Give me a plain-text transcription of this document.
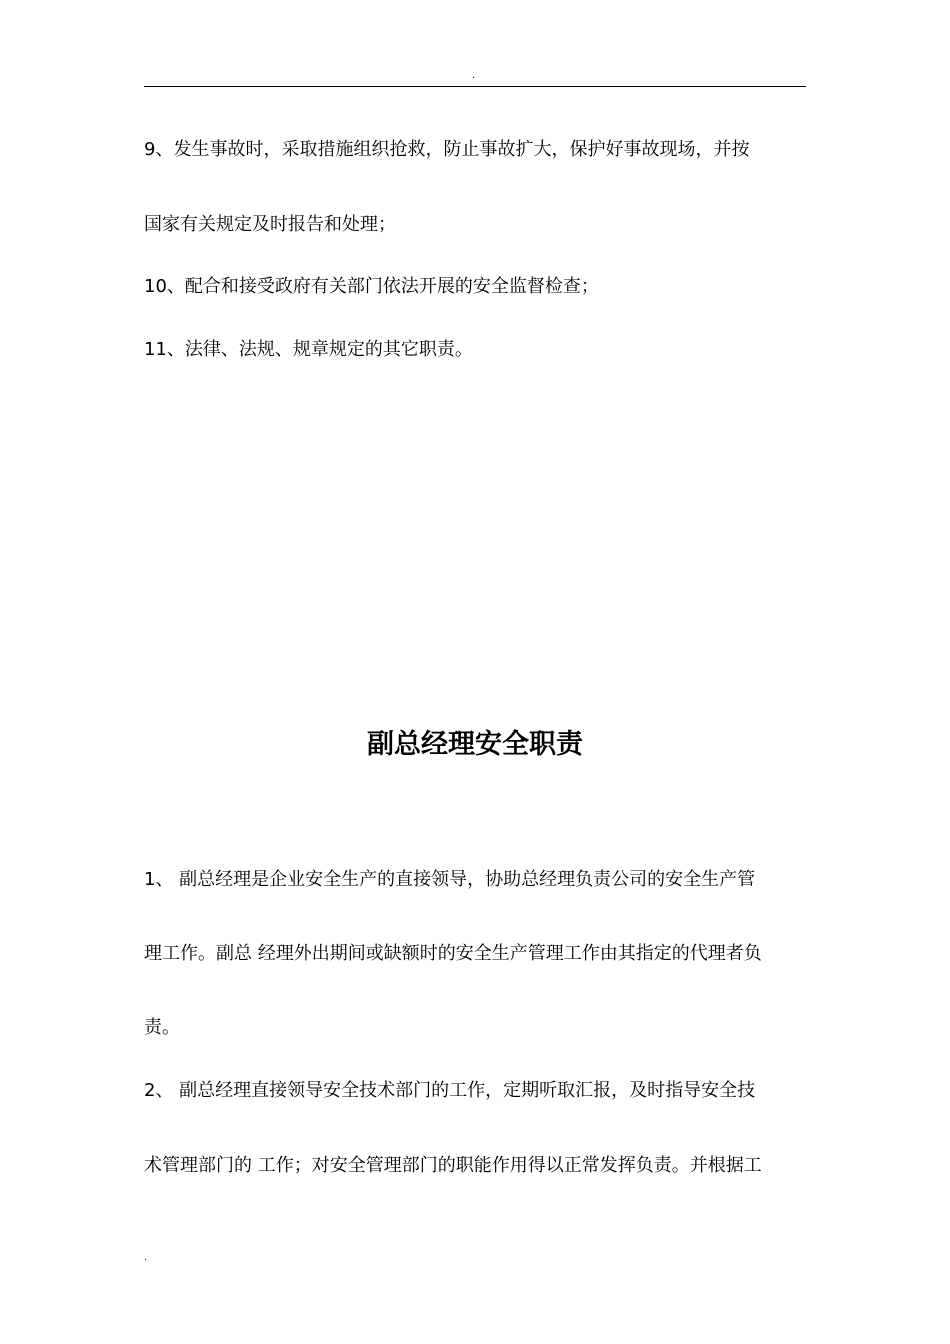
.
9、发生事故时，采取措施组织抢救，防止事故扩大，保护好事故现场，并按
国家有关规定及时报告和处理；
10、配合和接受政府有关部门依法开展的安全监督检查；
11、法律、法规、规章规定的其它职责。
副总经理安全职责
1、 副总经理是企业安全生产的直接领导，协助总经理负责公司的安全生产管
理工作。副总 经理外出期间或缺额时的安全生产管理工作由其指定的代理者负
责。
2、 副总经理直接领导安全技术部门的工作，定期听取汇报，及时指导安全技
术管理部门的 工作；对安全管理部门的职能作用得以正常发挥负责。并根据工
.
